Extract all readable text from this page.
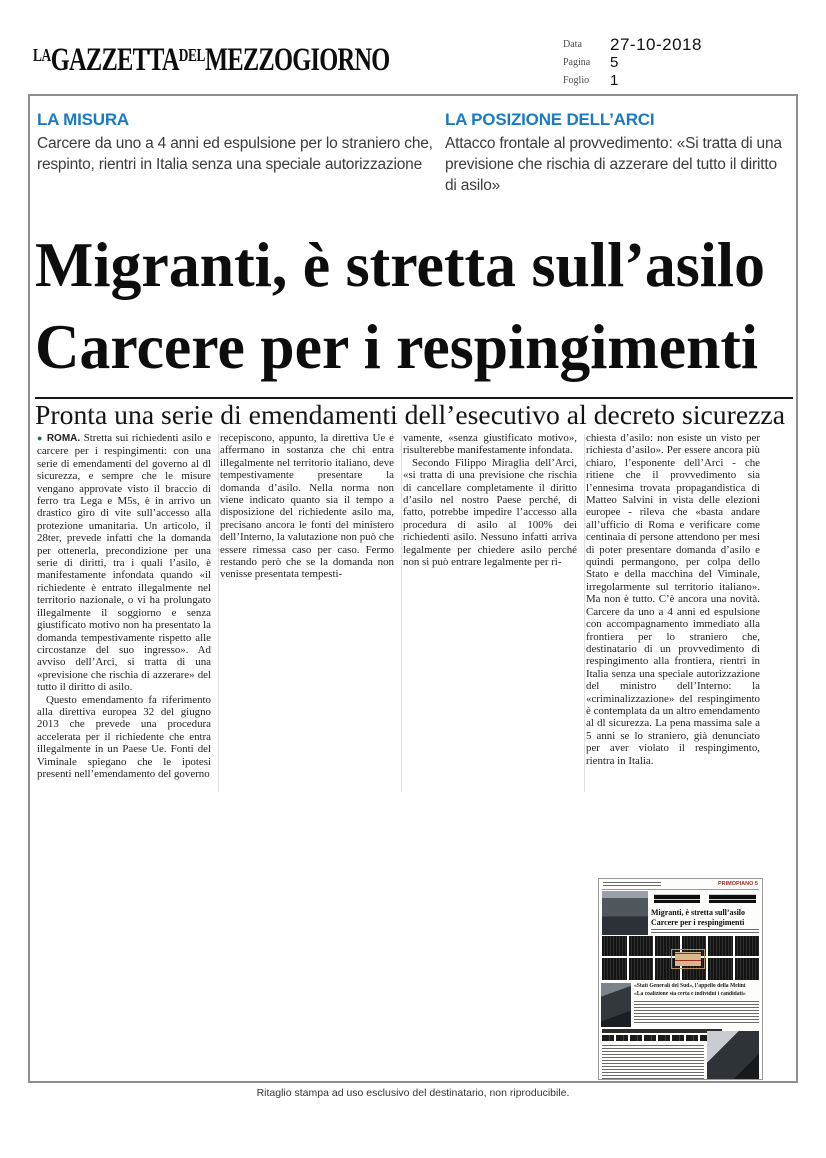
LAGAZZETTADELMEZZOGIORNO	Data	27-10-2018
Pagina	5
Foglio	1
LA MISURA
Carcere da uno a 4 anni ed espulsione per lo straniero che, respinto, rientri in Italia senza una speciale autorizzazione
LA POSIZIONE DELL’ARCI
Attacco frontale al provvedimento: «Si tratta di una previsione che rischia di azzerare del tutto il diritto di asilo»
Migranti, è stretta sull’asilo
Carcere per i respingimenti
Pronta una serie di emendamenti dell’esecutivo al decreto sicurezza

● ROMA. Stretta sui richiedenti asilo e carcere per i respingimenti: con una serie di emendamenti del governo al dl sicurezza, e sempre che le misure vengano approvate visto il braccio di ferro tra Lega e M5s, è in arrivo un drastico giro di vite sull’accesso alla protezione umanitaria. Un articolo, il 28ter, prevede infatti che la domanda per ottenerla, precondizione per una serie di diritti, tra i quali l’asilo, è manifestamente infondata quando «il richiedente è entrato illegalmente nel territorio nazionale, o vi ha prolungato illegalmente il soggiorno e senza giustificato motivo non ha presentato la domanda tempestivamente rispetto alle circostanze del suo ingresso». Ad avviso dell’Arci, si tratta di una «previsione che rischia di azzerare» del tutto il diritto di asilo.

Questo emendamento fa riferimento alla direttiva europea 32 del giugno 2013 che prevede una procedura accelerata per il richiedente che entra illegalmente in un Paese Ue. Fonti del Viminale spiegano che le ipotesi presenti nell’emendamento del governo

recepiscono, appunto, la direttiva Ue e affermano in sostanza che chi entra illegalmente nel territorio italiano, deve tempestivamente presentare la domanda d’asilo. Nella norma non viene indicato quanto sia il tempo a disposizione del richiedente asilo ma, precisano ancora le fonti del ministero dell’Interno, la valutazione non può che essere rimessa caso per caso. Fermo restando però che se la domanda non venisse presentata tempesti-

vamente, «senza giustificato motivo», risulterebbe manifestamente infondata.

Secondo Filippo Miraglia dell’Arci, «si tratta di una previsione che rischia di cancellare completamente il diritto d’asilo nel nostro Paese perché, di fatto, potrebbe impedire l’accesso alla procedura di asilo al 100% dei richiedenti asilo. Nessuno infatti arriva legalmente per chiedere asilo perché non si può entrare legalmente per ri-

chiesta d’asilo: non esiste un visto per richiesta d’asilo». Per essere ancora più chiaro, l’esponente dell’Arci - che ritiene che il provvedimento sia l’ennesima trovata propagandistica di Matteo Salvini in vista delle elezioni europee - rileva che «basta andare all’ufficio di Roma e verificare come centinaia di persone attendono per mesi di poter presentare domanda d’asilo e quindi permangono, per colpa dello Stato e della macchina del Viminale, irregolarmente sul territorio italiano». Ma non è tutto. C’è ancora una novità. Carcere da uno a 4 anni ed espulsione con accompagnamento immediato alla frontiera per lo straniero che, destinatario di un provvedimento di respingimento alla frontiera, rientri in Italia senza una speciale autorizzazione del ministro dell’Interno: la «criminalizzazione» del respingimento è contemplata da un altro emendamento al dl sicurezza. La pena massima sale a 5 anni se lo straniero, già denunciato per aver violato il respingimento, rientra in Italia.

PRIMOPIANO 5
Migranti, è stretta sull’asilo
Carcere per i respingimenti
«Stati Generali del Sud», l’appello della Melini
«La coalizione sia certa e individui i candidati»
Ritaglio stampa ad uso esclusivo del destinatario, non riproducibile.
